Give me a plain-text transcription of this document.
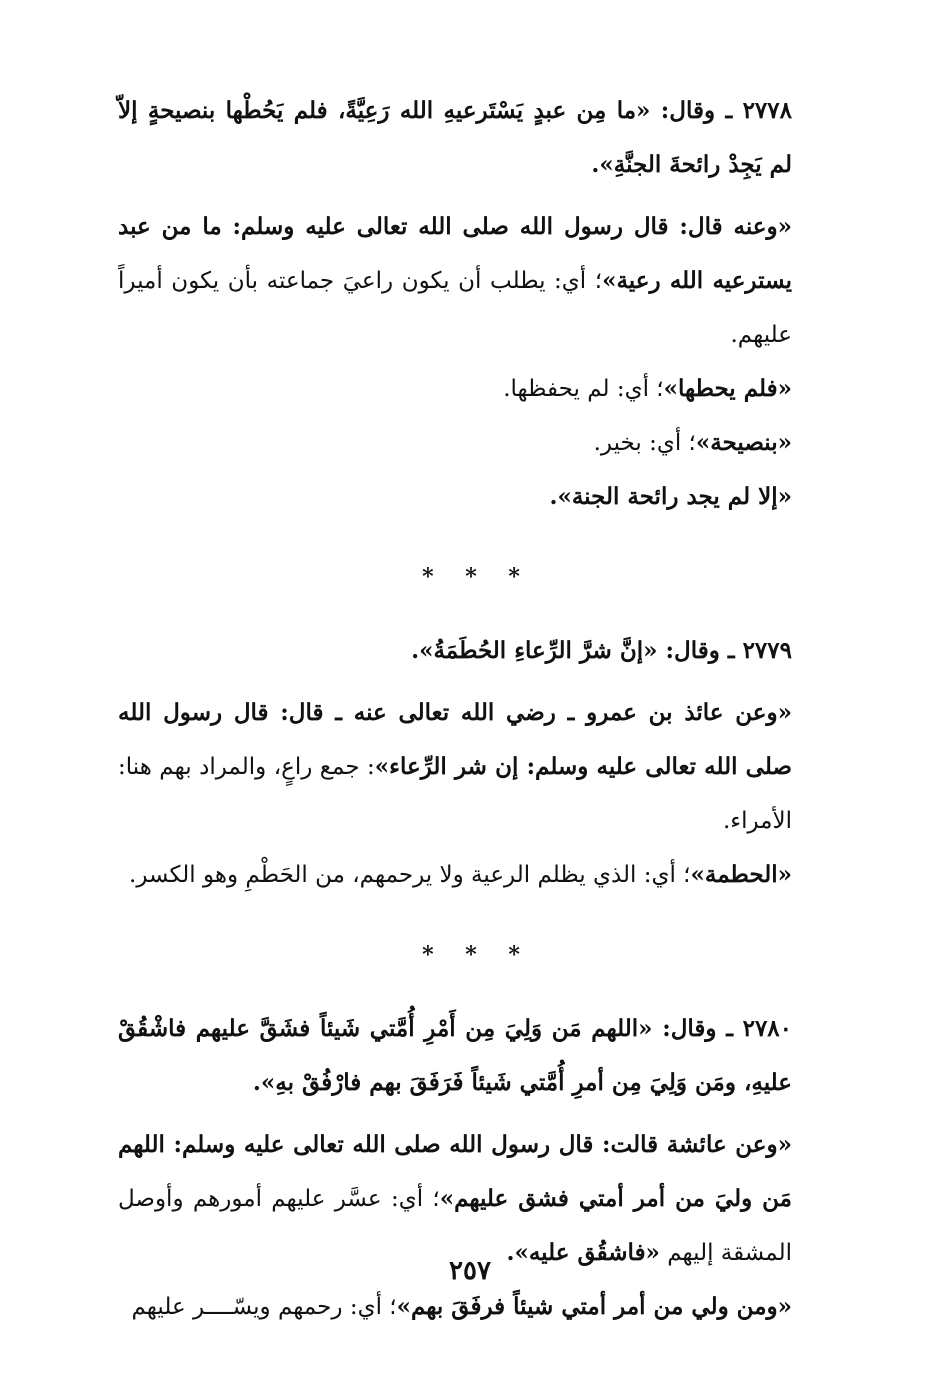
٢٧٧٨ ـ وقال: «ما مِن عبدٍ يَسْتَرعيهِ الله رَعِيَّةً، فلم يَحُطْها بنصيحةٍ إلاّ لم يَجِدْ رائحةَ الجنَّةِ».

«وعنه قال: قال رسول الله صلى الله تعالى عليه وسلم: ما من عبد يسترعيه الله رعية»؛ أي: يطلب أن يكون راعيَ جماعته بأن يكون أميراً عليهم.

«فلم يحطها»؛ أي: لم يحفظها.

«بنصيحة»؛ أي: بخير.

«إلا لم يجد رائحة الجنة».

* * *

٢٧٧٩ ـ وقال: «إنَّ شرَّ الرِّعاءِ الحُطَمَةُ».

«وعن عائذ بن عمرو ـ رضي الله تعالى عنه ـ قال: قال رسول الله صلى الله تعالى عليه وسلم: إن شر الرِّعاء»: جمع راعٍ، والمراد بهم هنا: الأمراء.

«الحطمة»؛ أي: الذي يظلم الرعية ولا يرحمهم، من الحَطْمِ وهو الكسر.

* * *

٢٧٨٠ ـ وقال: «اللهم مَن وَلِيَ مِن أَمْرِ أُمَّتي شَيئاً فشَقَّ عليهم فاشْقُقْ عليهِ، ومَن وَلِيَ مِن أمرِ أُمَّتي شَيئاً فَرَفَقَ بهم فارْفُقْ بهِ».

«وعن عائشة قالت: قال رسول الله صلى الله تعالى عليه وسلم: اللهم مَن وليَ من أمر أمتي فشق عليهم»؛ أي: عسَّر عليهم أمورهم وأوصل المشقة إليهم «فاشقُق عليه».

«ومن ولي من أمر أمتي شيئاً فرفَقَ بهم»؛ أي: رحمهم ويسّــــر عليهم

٢٥٧
